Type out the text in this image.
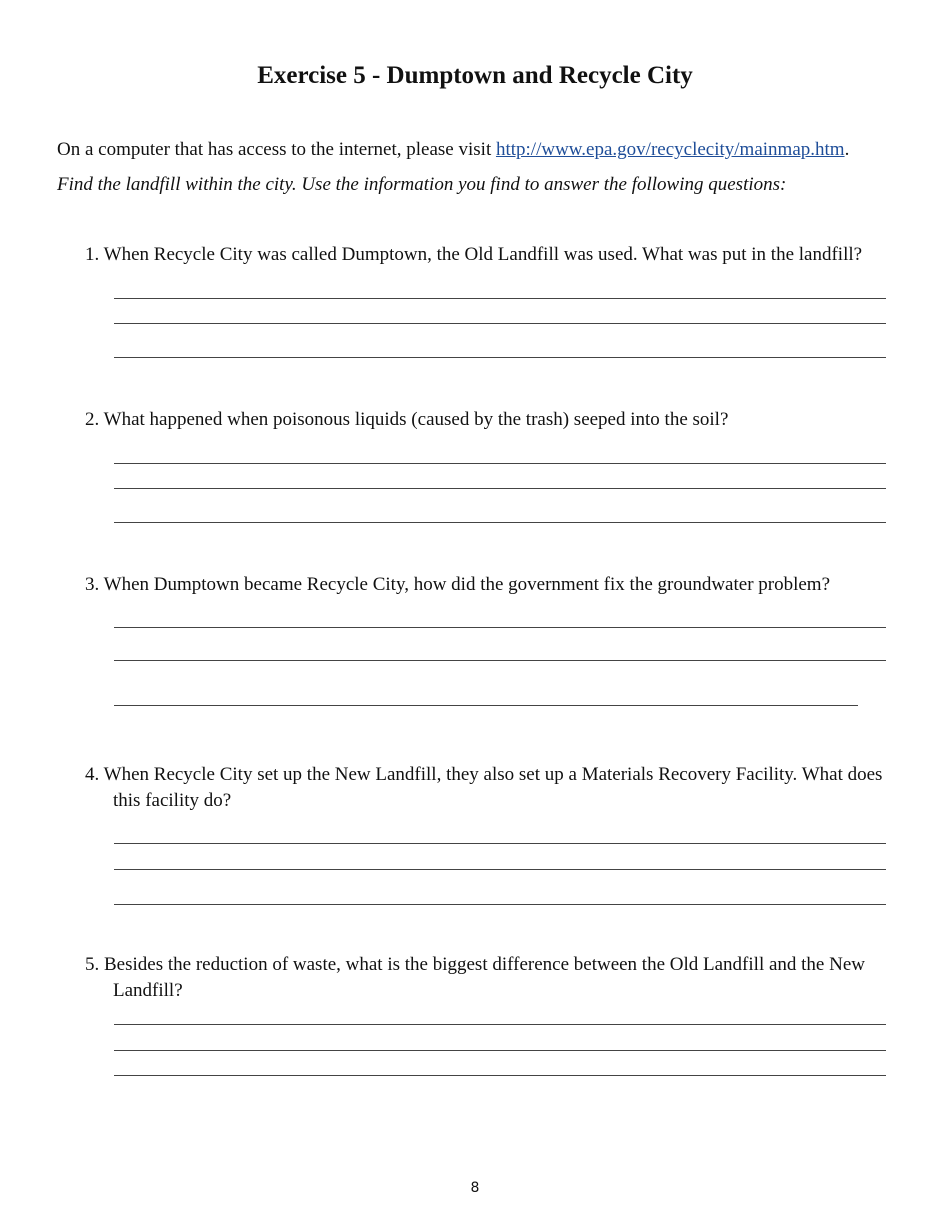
Exercise 5 - Dumptown and Recycle City
On a computer that has access to the internet, please visit http://www.epa.gov/recyclecity/mainmap.htm.
Find the landfill within the city. Use the information you find to answer the following questions:
1. When Recycle City was called Dumptown, the Old Landfill was used. What was put in the landfill?
2. What happened when poisonous liquids (caused by the trash) seeped into the soil?
3. When Dumptown became Recycle City, how did the government fix the groundwater problem?
4. When Recycle City set up the New Landfill, they also set up a Materials Recovery Facility. What does this facility do?
5. Besides the reduction of waste, what is the biggest difference between the Old Landfill and the New Landfill?
8
